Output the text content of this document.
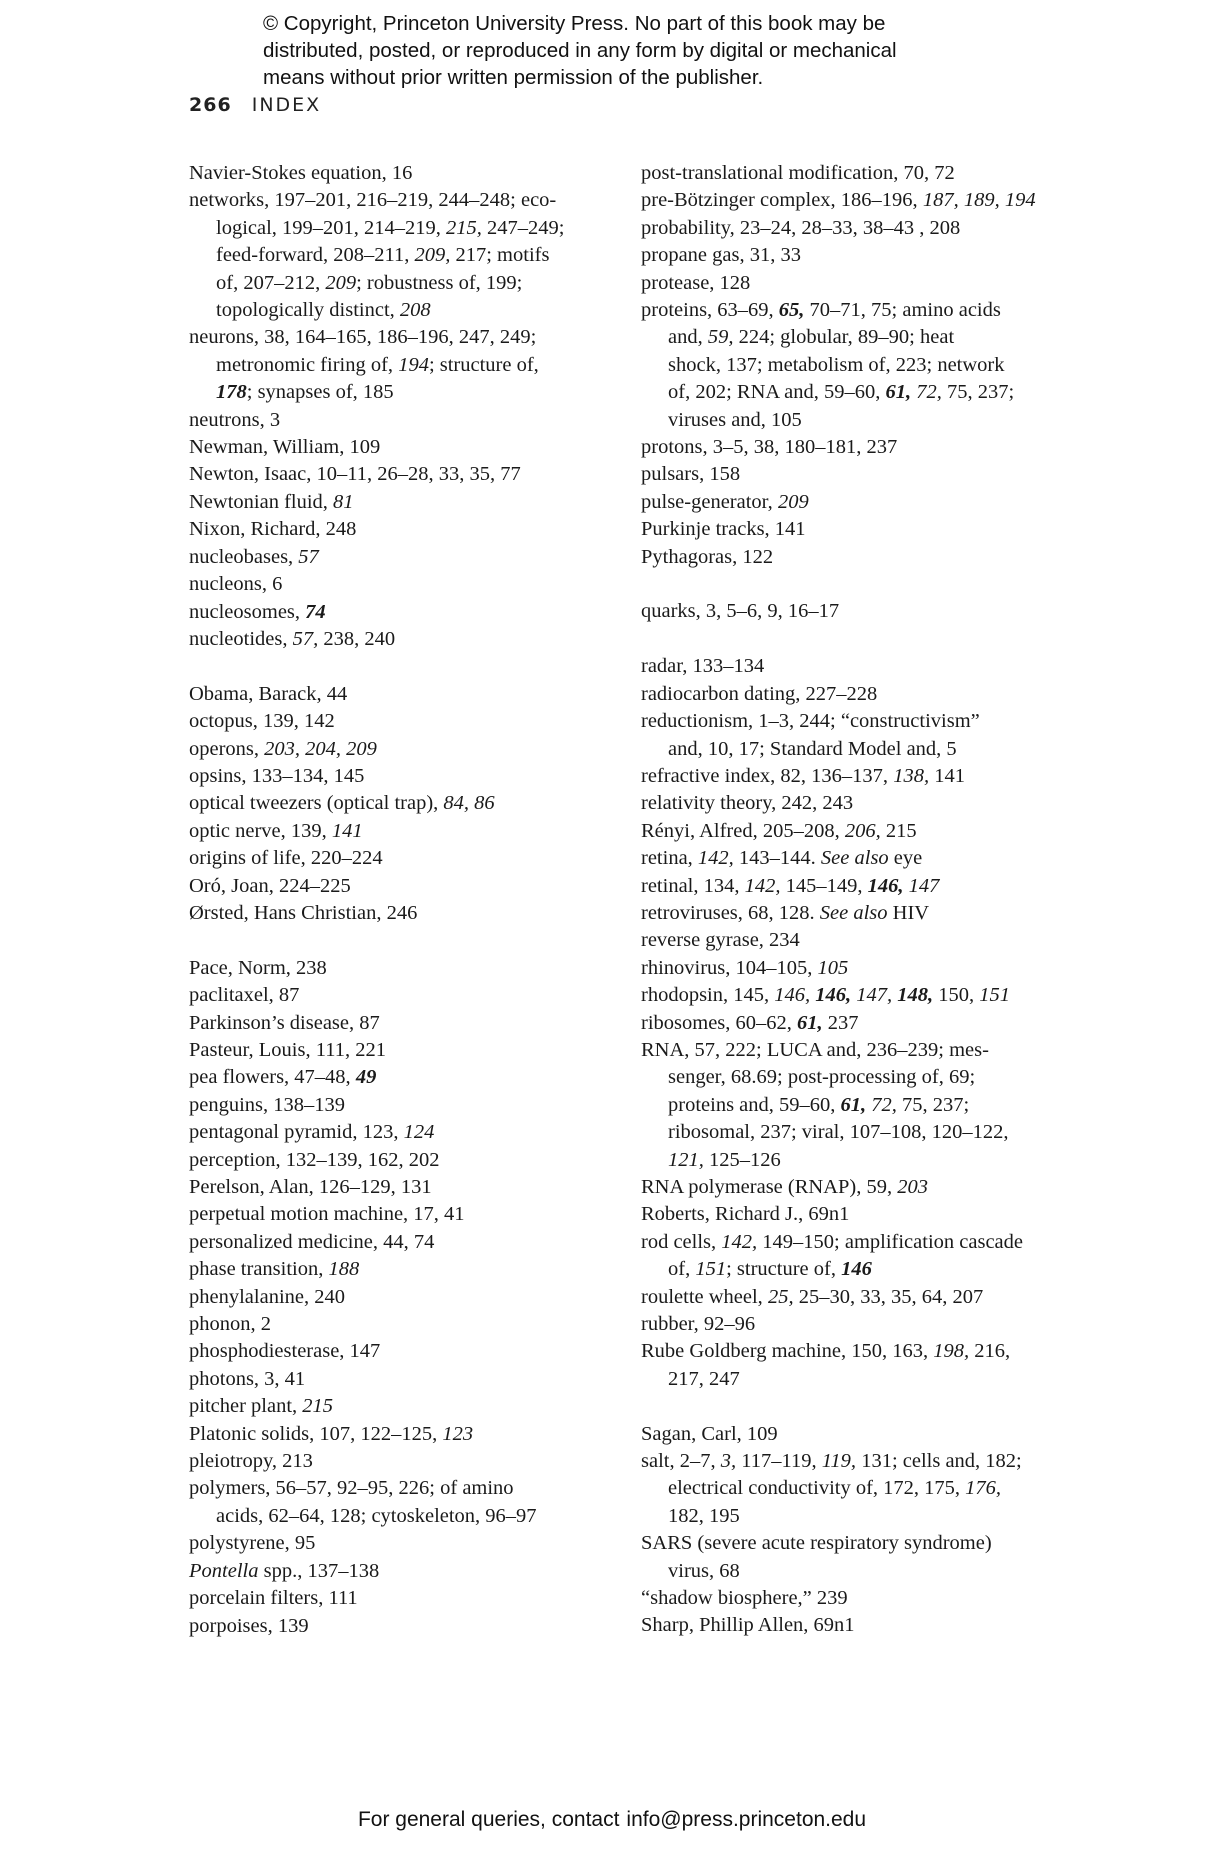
© Copyright, Princeton University Press. No part of this book may be
distributed, posted, or reproduced in any form by digital or mechanical
means without prior written permission of the publisher.
266 INDEX
Navier-Stokes equation, 16
networks, 197–201, 216–219, 244–248; eco-
logical, 199–201, 214–219, 215, 247–249;
feed-forward, 208–211, 209, 217; motifs
of, 207–212, 209; robustness of, 199;
topologically distinct, 208
neurons, 38, 164–165, 186–196, 247, 249;
metronomic firing of, 194; structure of,
178; synapses of, 185
neutrons, 3
Newman, William, 109
Newton, Isaac, 10–11, 26–28, 33, 35, 77
Newtonian fluid, 81
Nixon, Richard, 248
nucleobases, 57
nucleons, 6
nucleosomes, 74
nucleotides, 57, 238, 240
Obama, Barack, 44
octopus, 139, 142
operons, 203, 204, 209
opsins, 133–134, 145
optical tweezers (optical trap), 84, 86
optic nerve, 139, 141
origins of life, 220–224
Oró, Joan, 224–225
Ørsted, Hans Christian, 246
Pace, Norm, 238
paclitaxel, 87
Parkinson’s disease, 87
Pasteur, Louis, 111, 221
pea flowers, 47–48, 49
penguins, 138–139
pentagonal pyramid, 123, 124
perception, 132–139, 162, 202
Perelson, Alan, 126–129, 131
perpetual motion machine, 17, 41
personalized medicine, 44, 74
phase transition, 188
phenylalanine, 240
phonon, 2
phosphodiesterase, 147
photons, 3, 41
pitcher plant, 215
Platonic solids, 107, 122–125, 123
pleiotropy, 213
polymers, 56–57, 92–95, 226; of amino
acids, 62–64, 128; cytoskeleton, 96–97
polystyrene, 95
Pontella spp., 137–138
porcelain filters, 111
porpoises, 139
post-translational modification, 70, 72
pre-Bötzinger complex, 186–196, 187, 189, 194
probability, 23–24, 28–33, 38–43 , 208
propane gas, 31, 33
protease, 128
proteins, 63–69, 65, 70–71, 75; amino acids
and, 59, 224; globular, 89–90; heat
shock, 137; metabolism of, 223; network
of, 202; RNA and, 59–60, 61, 72, 75, 237;
viruses and, 105
protons, 3–5, 38, 180–181, 237
pulsars, 158
pulse-generator, 209
Purkinje tracks, 141
Pythagoras, 122
quarks, 3, 5–6, 9, 16–17
radar, 133–134
radiocarbon dating, 227–228
reductionism, 1–3, 244; “constructivism”
and, 10, 17; Standard Model and, 5
refractive index, 82, 136–137, 138, 141
relativity theory, 242, 243
Rényi, Alfred, 205–208, 206, 215
retina, 142, 143–144. See also eye
retinal, 134, 142, 145–149, 146, 147
retroviruses, 68, 128. See also HIV
reverse gyrase, 234
rhinovirus, 104–105, 105
rhodopsin, 145, 146, 146, 147, 148, 150, 151
ribosomes, 60–62, 61, 237
RNA, 57, 222; LUCA and, 236–239; mes-
senger, 68.69; post-processing of, 69;
proteins and, 59–60, 61, 72, 75, 237;
ribosomal, 237; viral, 107–108, 120–122,
121, 125–126
RNA polymerase (RNAP), 59, 203
Roberts, Richard J., 69n1
rod cells, 142, 149–150; amplification cascade
of, 151; structure of, 146
roulette wheel, 25, 25–30, 33, 35, 64, 207
rubber, 92–96
Rube Goldberg machine, 150, 163, 198, 216,
217, 247
Sagan, Carl, 109
salt, 2–7, 3, 117–119, 119, 131; cells and, 182;
electrical conductivity of, 172, 175, 176,
182, 195
SARS (severe acute respiratory syndrome)
virus, 68
“shadow biosphere,” 239
Sharp, Phillip Allen, 69n1
For general queries, contact info@press.princeton.edu
